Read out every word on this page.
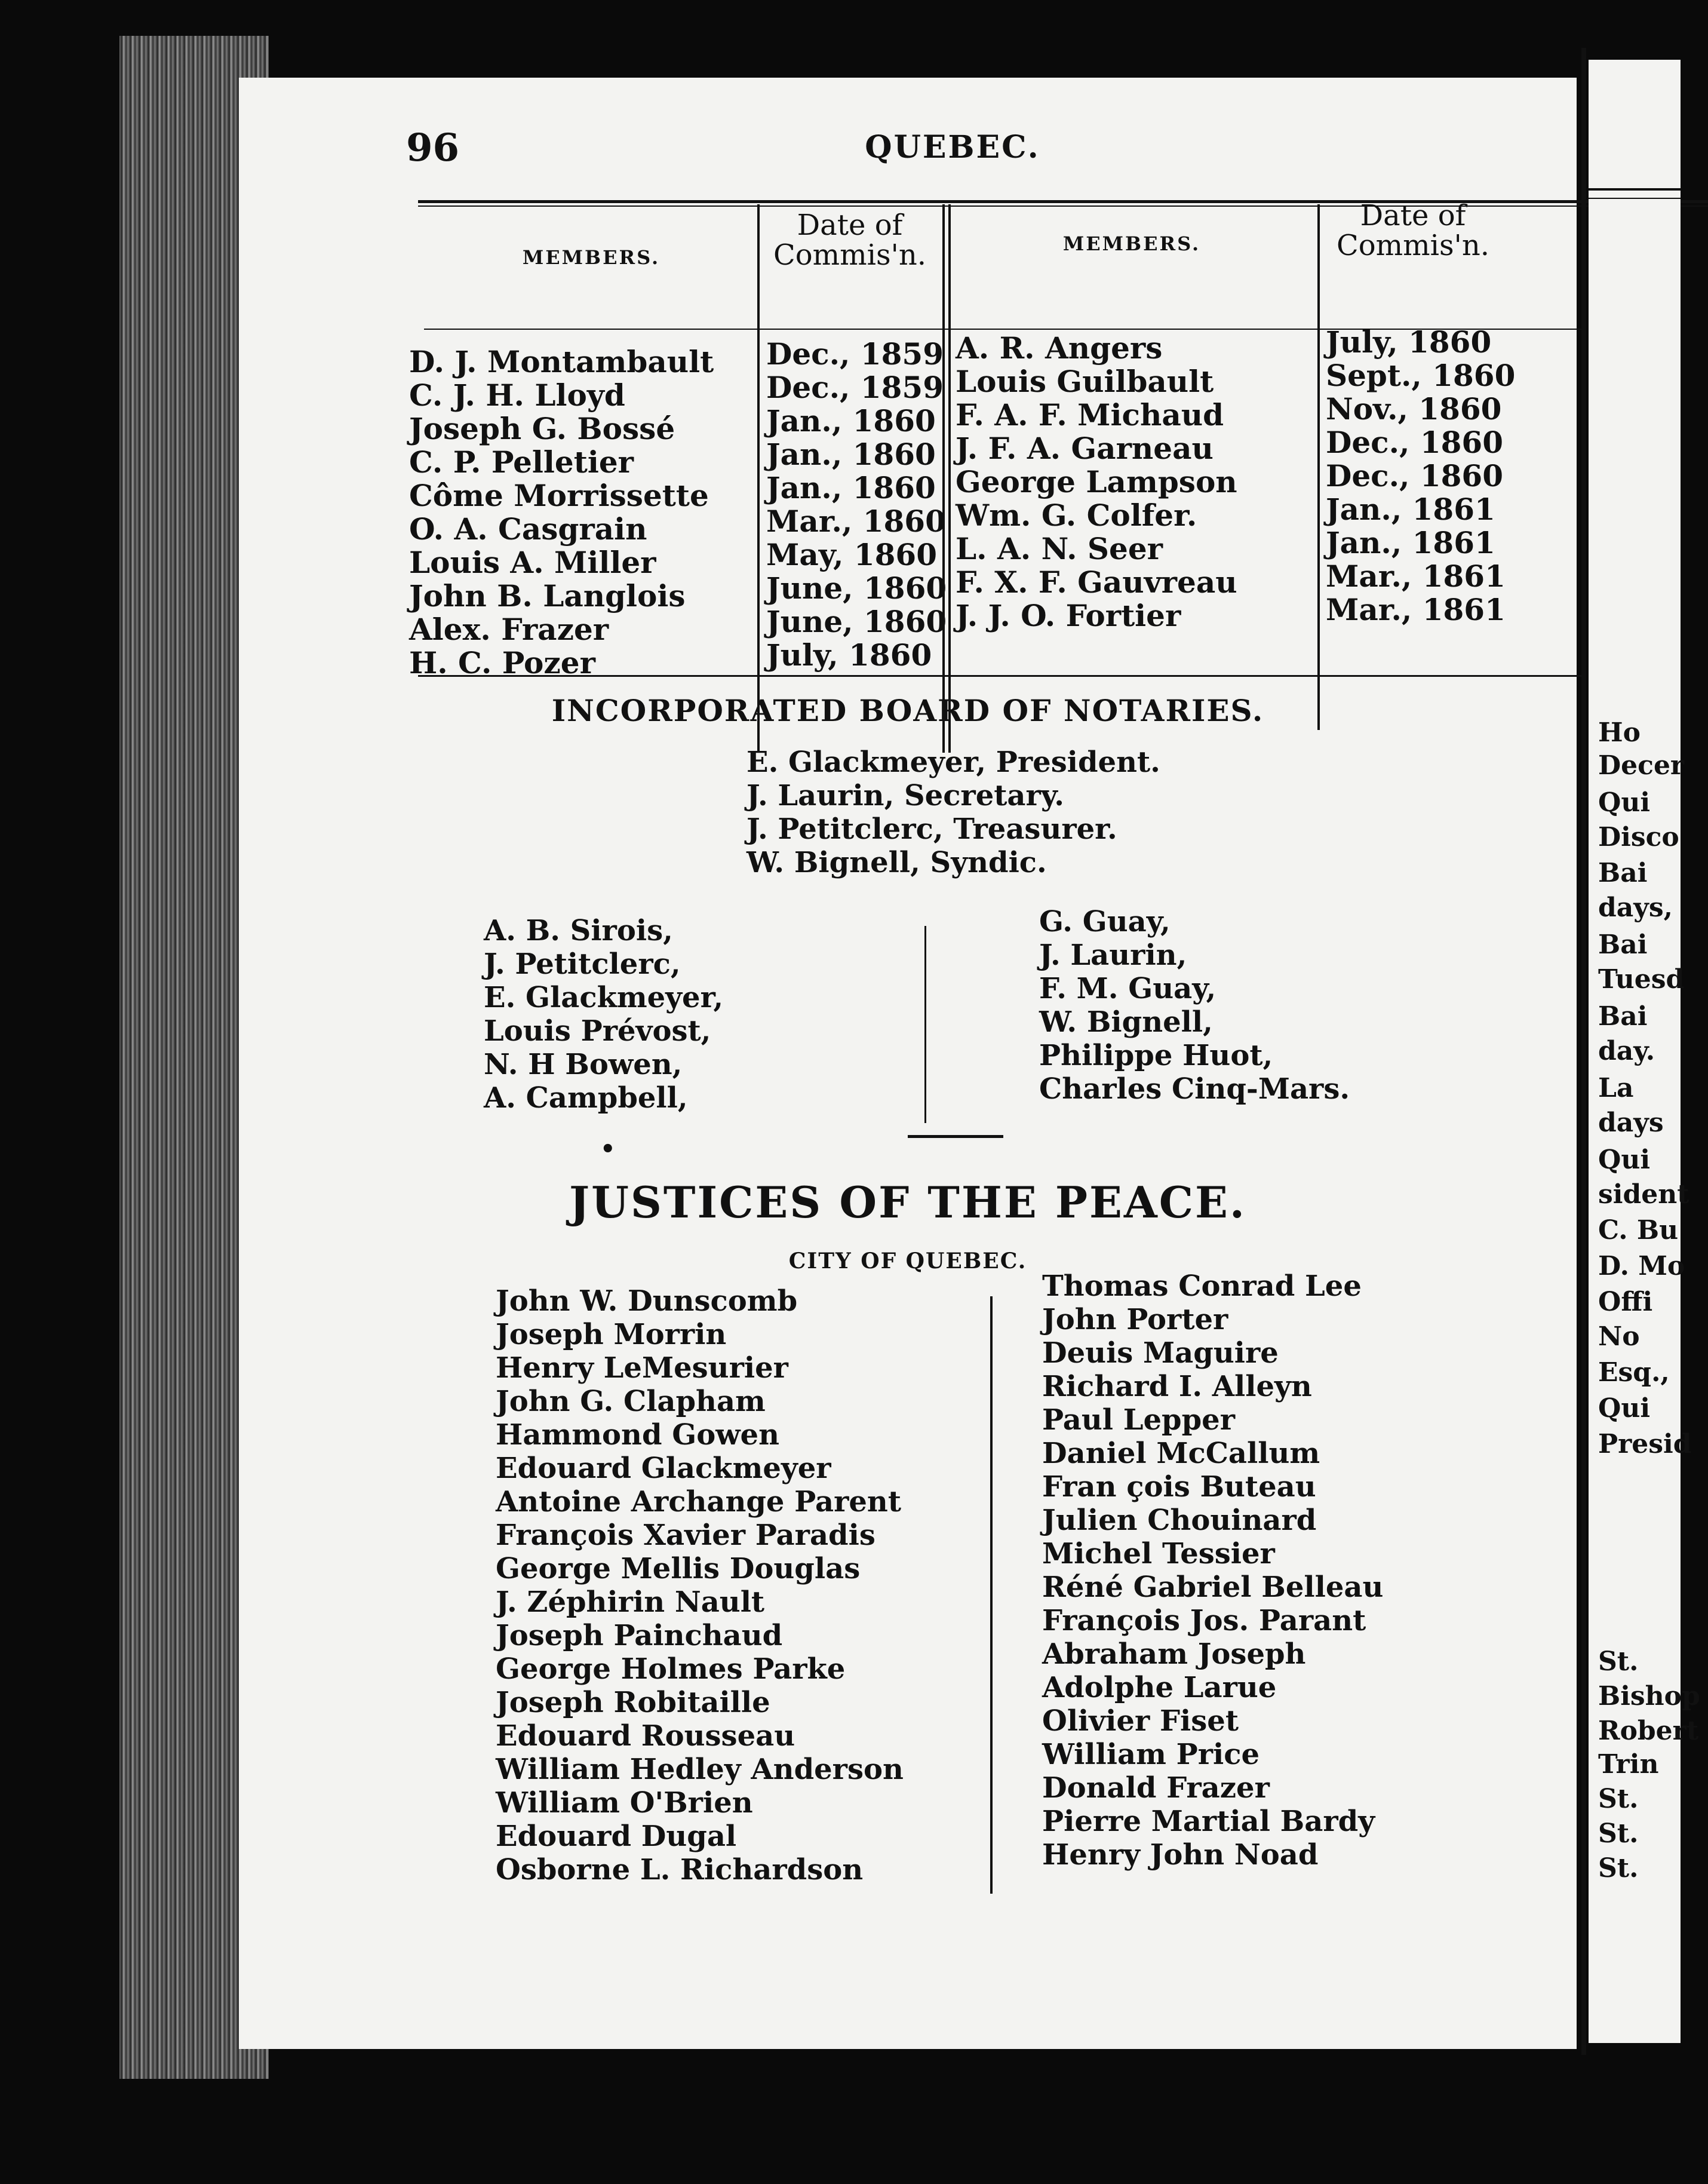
96	QUEBEC.
MEMBERS.
Date of Commis'n.	MEMBERS.
Date of Commis'n.
D. J. Montambault
C. J. H. Lloyd
Joseph G. Bossé
C. P. Pelletier
Côme Morrissette
O. A. Casgrain
Louis A. Miller
John B. Langlois
Alex. Frazer
H. C. Pozer
Dec., 1859
Dec., 1859
Jan., 1860
Jan., 1860
Jan., 1860
Mar., 1860
May, 1860
June, 1860
June, 1860
July, 1860
A. R. Angers
Louis Guilbault
F. A. F. Michaud
J. F. A. Garneau
George Lampson
Wm. G. Colfer.
L. A. N. Seer
F. X. F. Gauvreau
J. J. O. Fortier
July, 1860
Sept., 1860
Nov., 1860
Dec., 1860
Dec., 1860
Jan., 1861
Jan., 1861
Mar., 1861
Mar., 1861
INCORPORATED BOARD OF NOTARIES.
E. Glackmeyer, President.
J. Laurin, Secretary.
J. Petitclerc, Treasurer.
W. Bignell, Syndic.
A. B. Sirois,
J. Petitclerc,
E. Glackmeyer,
Louis Prévost,
N. H Bowen,
A. Campbell,
G. Guay,
J. Laurin,
F. M. Guay,
W. Bignell,
Philippe Huot,
Charles Cinq-Mars.
•
JUSTICES OF THE PEACE.
CITY OF QUEBEC.
John W. Dunscomb
Joseph Morrin
Henry LeMesurier
John G. Clapham
Hammond Gowen
Edouard Glackmeyer
Antoine Archange Parent
François Xavier Paradis
George Mellis Douglas
J. Zéphirin Nault
Joseph Painchaud
George Holmes Parke
Joseph Robitaille
Edouard Rousseau
William Hedley Anderson
William O'Brien
Edouard Dugal
Osborne L. Richardson
Thomas Conrad Lee
John Porter
Deuis Maguire
Richard I. Alleyn
Paul Lepper
Daniel McCallum
Fran çois Buteau
Julien Chouinard
Michel Tessier
Réné Gabriel Belleau
François Jos. Parant
Abraham Joseph
Adolphe Larue
Olivier Fiset
William Price
Donald Frazer
Pierre Martial Bardy
Henry John Noad
Ho
Decer
Qui
Disco
Bai
days,
Bai
Tuesd
Bai
day.
La
days
Qui
sident
C. Bu
D. Mo
Offi
No
Esq.,
Qui
Presid
St.
Bishop
Robert
Trin
St.
St.
St.
